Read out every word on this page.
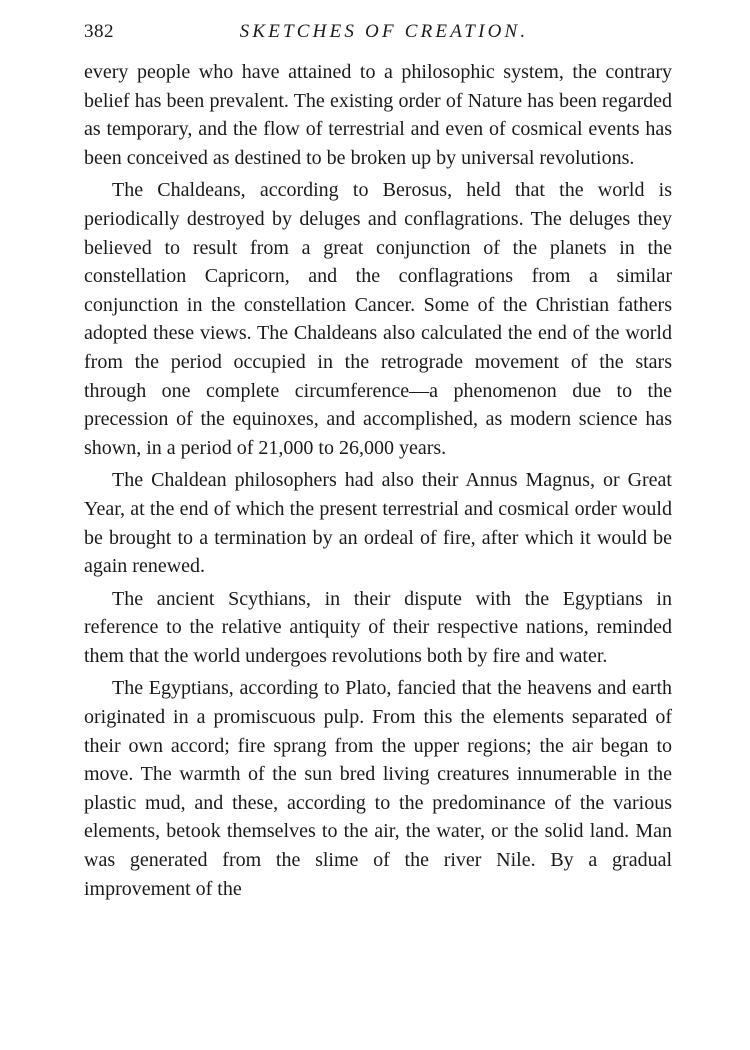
382	SKETCHES OF CREATION.

every people who have attained to a philosophic system, the contrary belief has been prevalent. The existing order of Nature has been regarded as temporary, and the flow of terrestrial and even of cosmical events has been conceived as destined to be broken up by universal revolutions.

The Chaldeans, according to Berosus, held that the world is periodically destroyed by deluges and conflagrations. The deluges they believed to result from a great conjunction of the planets in the constellation Capricorn, and the conflagrations from a similar conjunction in the constellation Cancer. Some of the Christian fathers adopted these views. The Chaldeans also calculated the end of the world from the period occupied in the retrograde movement of the stars through one complete circumference—a phenomenon due to the precession of the equinoxes, and accomplished, as modern science has shown, in a period of 21,000 to 26,000 years.

The Chaldean philosophers had also their Annus Magnus, or Great Year, at the end of which the present terrestrial and cosmical order would be brought to a termination by an ordeal of fire, after which it would be again renewed.

The ancient Scythians, in their dispute with the Egyptians in reference to the relative antiquity of their respective nations, reminded them that the world undergoes revolutions both by fire and water.

The Egyptians, according to Plato, fancied that the heavens and earth originated in a promiscuous pulp. From this the elements separated of their own accord; fire sprang from the upper regions; the air began to move. The warmth of the sun bred living creatures innumerable in the plastic mud, and these, according to the predominance of the various elements, betook themselves to the air, the water, or the solid land. Man was generated from the slime of the river Nile. By a gradual improvement of the
